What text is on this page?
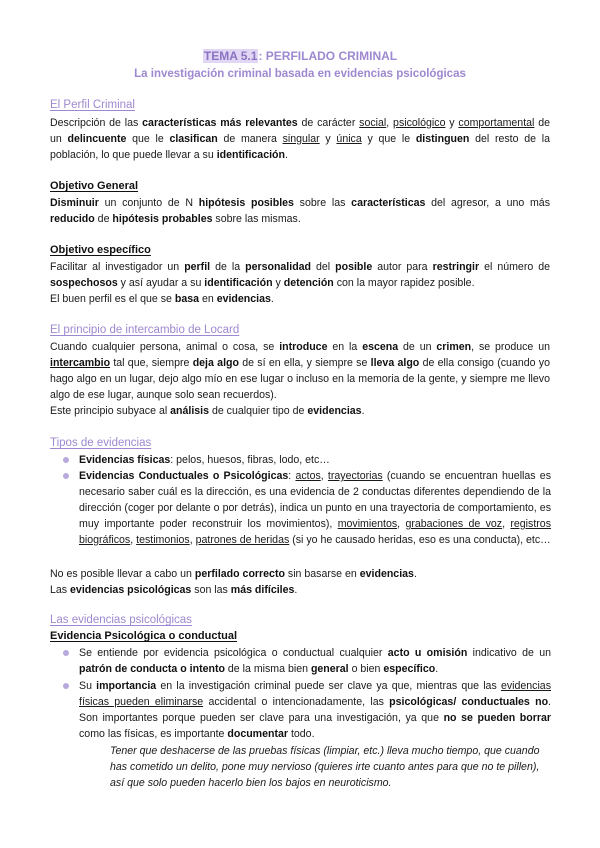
TEMA 5.1: PERFILADO CRIMINAL
La investigación criminal basada en evidencias psicológicas
El Perfil Criminal
Descripción de las características más relevantes de carácter social, psicológico y comportamental de un delincuente que le clasifican de manera singular y única y que le distinguen del resto de la población, lo que puede llevar a su identificación.
Objetivo General
Disminuir un conjunto de N hipótesis posibles sobre las características del agresor, a uno más reducido de hipótesis probables sobre las mismas.
Objetivo específico
Facilitar al investigador un perfil de la personalidad del posible autor para restringir el número de sospechosos y así ayudar a su identificación y detención con la mayor rapidez posible.
El buen perfil es el que se basa en evidencias.
El principio de intercambio de Locard
Cuando cualquier persona, animal o cosa, se introduce en la escena de un crimen, se produce un intercambio tal que, siempre deja algo de sí en ella, y siempre se lleva algo de ella consigo (cuando yo hago algo en un lugar, dejo algo mío en ese lugar o incluso en la memoria de la gente, y siempre me llevo algo de ese lugar, aunque solo sean recuerdos).
Este principio subyace al análisis de cualquier tipo de evidencias.
Tipos de evidencias
Evidencias físicas: pelos, huesos, fibras, lodo, etc…
Evidencias Conductuales o Psicológicas: actos, trayectorias (cuando se encuentran huellas es necesario saber cuál es la dirección, es una evidencia de 2 conductas diferentes dependiendo de la dirección (coger por delante o por detrás), indica un punto en una trayectoria de comportamiento, es muy importante poder reconstruir los movimientos), movimientos, grabaciones de voz, registros biográficos, testimonios, patrones de heridas (si yo he causado heridas, eso es una conducta), etc…
No es posible llevar a cabo un perfilado correcto sin basarse en evidencias.
Las evidencias psicológicas son las más difíciles.
Las evidencias psicológicas
Evidencia Psicológica o conductual
Se entiende por evidencia psicológica o conductual cualquier acto u omisión indicativo de un patrón de conducta o intento de la misma bien general o bien específico.
Su importancia en la investigación criminal puede ser clave ya que, mientras que las evidencias físicas pueden eliminarse accidental o intencionadamente, las psicológicas/ conductuales no. Son importantes porque pueden ser clave para una investigación, ya que no se pueden borrar como las físicas, es importante documentar todo.
Tener que deshacerse de las pruebas físicas (limpiar, etc.) lleva mucho tiempo, que cuando has cometido un delito, pone muy nervioso (quieres irte cuanto antes para que no te pillen), así que solo pueden hacerlo bien los bajos en neuroticismo.
